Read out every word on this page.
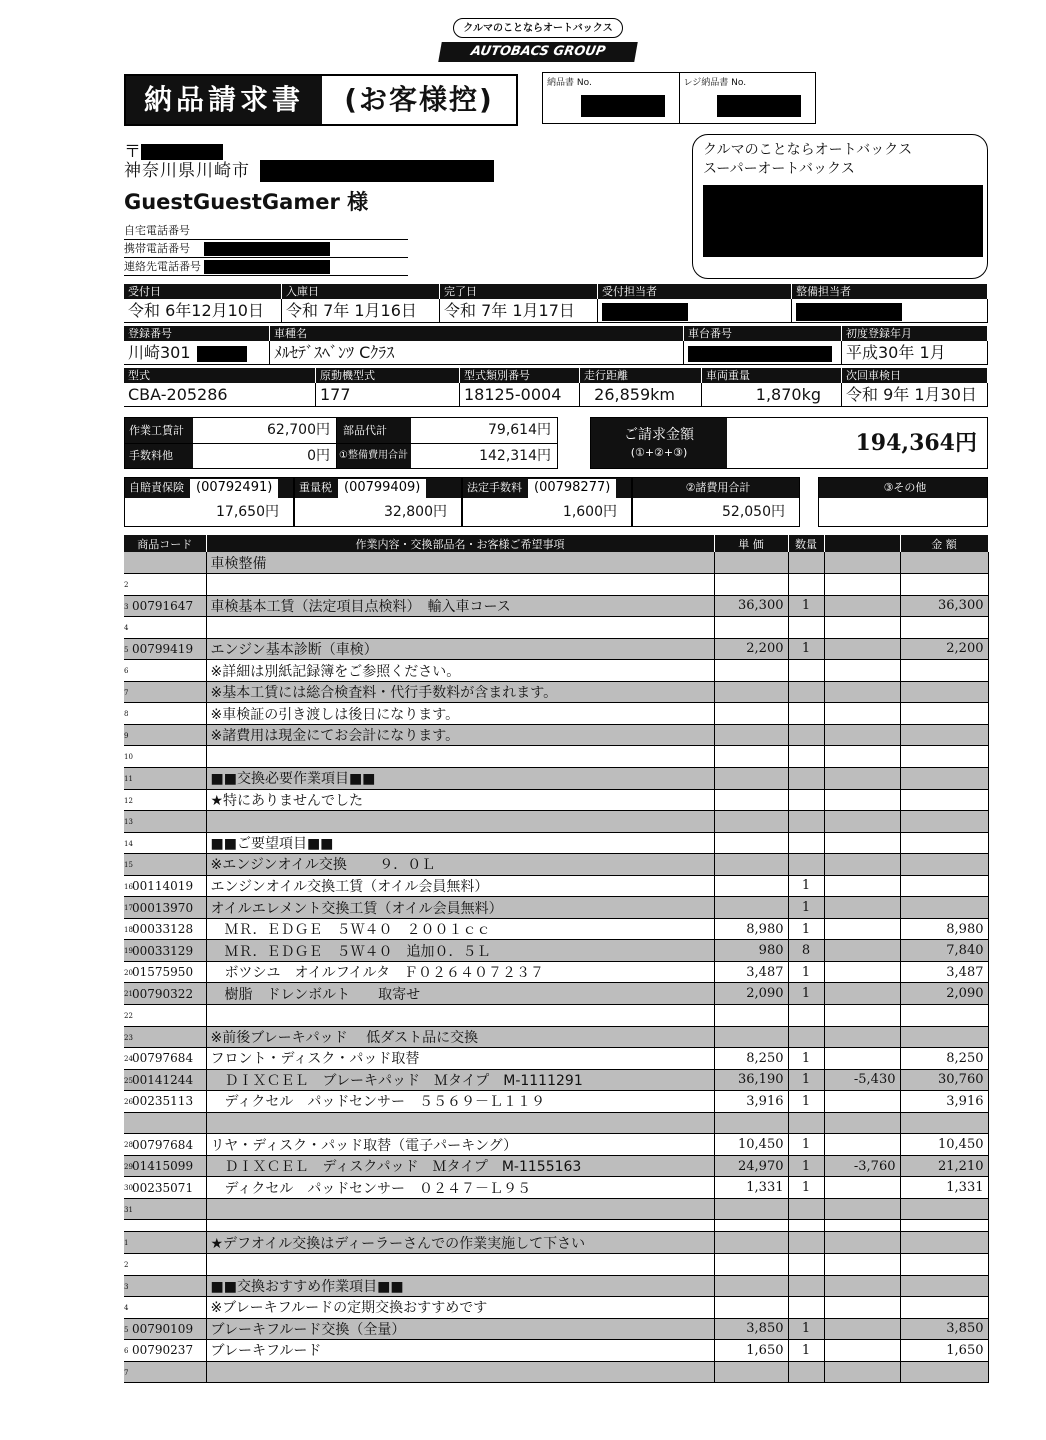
クルマのことならオートバックス
AUTOBACS GROUP
納品請求書	(お客様控)	納品書 No.	レジ納品書 No.
〒
神奈川県川崎市
GuestGuestGamer 様
自宅電話番号
携帯電話番号
連絡先電話番号
クルマのことならオートバックス
スーパーオートバックス
受付日
令和 6年12月10日
入庫日
令和 7年 1月16日
完了日
令和 7年 1月17日
受付担当者	整備担当者
登録番号
川崎301
車種名
ﾒﾙｾﾃﾞｽﾍﾞﾝﾂ Cｸﾗｽ
車台番号	初度登録年月
平成30年 1月
型式
CBA-205286
原動機型式
177
型式類別番号
18125-0004
走行距離
26,859km
車両重量
1,870kg
次回車検日
令和 9年 1月30日
作業工賃計	62,700円	部品代計	79,614円
手数料他	0円 ①整備費用合計	142,314円
ご請求金額
(①+②+③)	194,364円
自賠責保険 (00792491)
17,650円
重量税 (00799409)
32,800円
法定手数料 (00798277)
1,600円
②諸費用合計
52,050円
③その他
商品コード	作業内容・交換部品名・お客様ご希望事項	単 価	数量		金 額

	車検整備				

2					

3 00791647	車検基本工賃（法定項目点検料）　輸入車コース	36,300	1		36,300

4					

5 00799419	エンジン基本診断（車検）	2,200	1		2,200

6	※詳細は別紙記録簿をご参照ください。				

7	※基本工賃には総合検査料・代行手数料が含まれます。				

8	※車検証の引き渡しは後日になります。				

9	※諸費用は現金にてお会計になります。				

10					

11	■■交換必要作業項目■■				

12	★特にありませんでした				

13					

14	■■ご要望項目■■				

15	※エンジンオイル交換　　 ９．０Ｌ				

16 00114019	エンジンオイル交換工賃（オイル会員無料）		1		

17 00013970	オイルエレメント交換工賃（オイル会員無料）		1		

18 00033128	　ＭＲ．ＥＤＧＥ　５Ｗ４０　２００１ｃｃ	8,980	1		8,980

19 00033129	　ＭＲ．ＥＤＧＥ　５Ｗ４０　追加０．５Ｌ	980	8		7,840

20 01575950	　ボツシユ　オイルフイルタ　Ｆ０２６４０７２３７	3,487	1		3,487

21 00790322	　樹脂　ドレンボルト　　取寄せ	2,090	1		2,090

22					

23	※前後ブレーキパッド　 低ダスト品に交換				

24 00797684	フロント・ディスク・パッド取替	8,250	1		8,250

25 00141244	　ＤＩＸＣＥＬ　ブレーキパッド　Ｍタイプ　M-1111291	36,190	1	-5,430	30,760

26 00235113	　ディクセル　パッドセンサー　５５６９－Ｌ１１９	3,916	1		3,916

28 00797684	リヤ・ディスク・パッド取替（電子パーキング）	10,450	1		10,450

29 01415099	　ＤＩＸＣＥＬ　ディスクパッド　Ｍタイプ　M-1155163	24,970	1	-3,760	21,210

30 00235071	　ディクセル　パッドセンサー　０２４７－Ｌ９５	1,331	1		1,331

31					

1	★デフオイル交換はディーラーさんでの作業実施して下さい				

2					

3	■■交換おすすめ作業項目■■				

4	※ブレーキフルードの定期交換おすすめです				

5 00790109	ブレーキフルード交換（全量）	3,850	1		3,850

6 00790237	ブレーキフルード	1,650	1		1,650

7					
